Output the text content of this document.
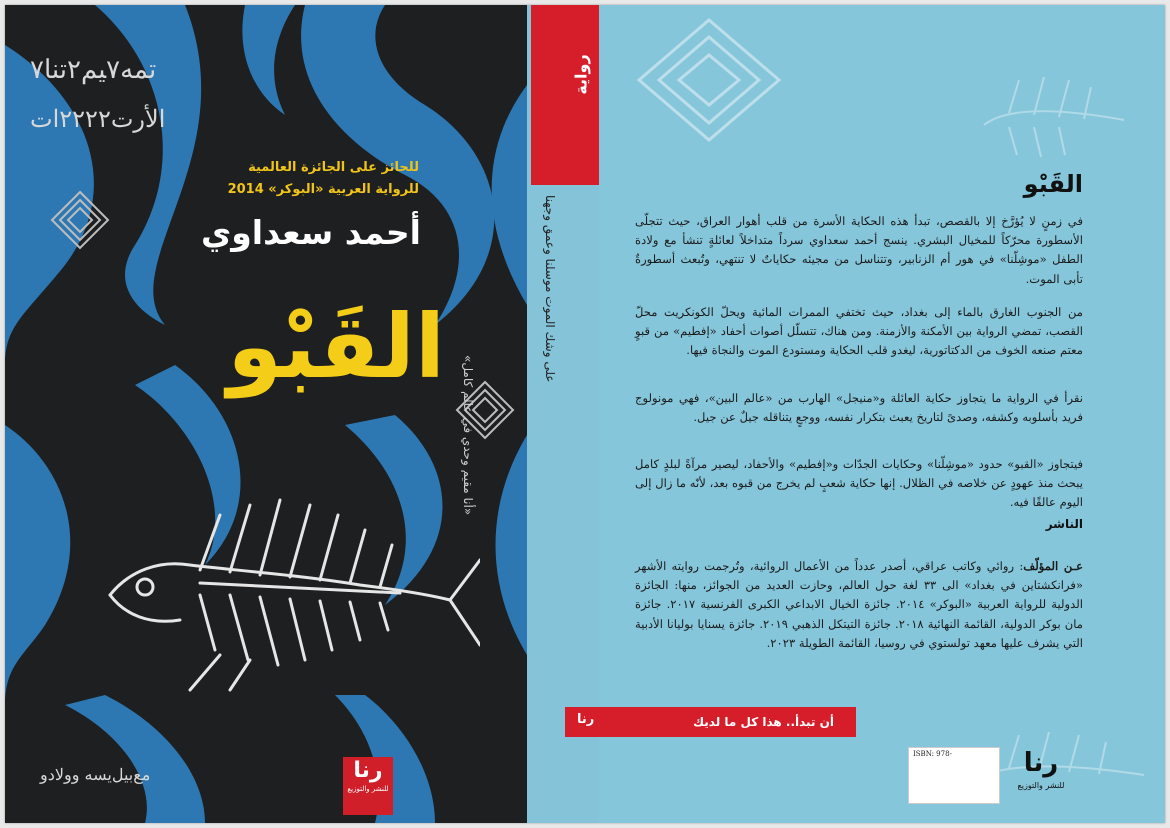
ﺗﻤﻪ٧ﻴﻢ٢ﺗﻨﺎ٧
ﺍﻷﺭﺕ٢٢٢٢ﺍﺕ
للحائز على الجائزة العالمية
للرواية العربية «البوكر» 2014
أحمد سعداوي
القَبْو
«أنا مقيم وحدي في عالم كامل»
ﻣﻊﺑﻴﻞﻳﺴﻪ ﻭﻭﻻﺩﻭ	ﺭﻧﺎ
للنشر والتوزيع
على وشك الموت موسلنا وعمق وجهنا
رواية
القَبْو
في زمنٍ لا يُؤرَّخ إلا بالقصص، تبدأ هذه الحكاية الأسرة من قلب أهوار العراق، حيث تتجلّى الأسطورة محرّكاً للمخيال البشري. ينسج أحمد سعداوي سرداً متداخلاً لعائلةٍ تنشأ مع ولادة الطفل «موشِلّنا» في هور أم الزنابير، وتتناسل من مجيئه حكاياتٌ لا تنتهي، وتُبعث أسطورةٌ تأبى الموت.
من الجنوب الغارق بالماء إلى بغداد، حيث تختفي الممرات المائية ويحلّ الكونكريت محلّ القصب، تمضي الرواية بين الأمكنة والأزمنة. ومن هناك، تتسلّل أصوات أحفاد «إفطيم» من قبوٍ معتم صنعه الخوف من الدكتاتورية، ليغدو قلب الحكاية ومستودع الموت والنجاة فيها.
نقرأ في الرواية ما يتجاوز حكاية العائلة و«منيجل» الهارب من «عالم البين»، فهي مونولوج فريد بأسلوبه وكشفه، وصدىً لتاريخ يعبث بتكرار نفسه، ووجعٍ يتناقله جيلٌ عن جيل.
فيتجاوز «القبو» حدود «موشِلّنا» وحكايات الجدّات و«إفطيم» والأحفاد، ليصير مرآةً لبلدٍ كامل يبحث منذ عهودٍ عن خلاصه في الظلال. إنها حكاية شعبٍ لم يخرج من قبوه بعد، لأنّه ما زال إلى اليوم عالقًا فيه.
الناشر
عـن المؤلّف: روائي وكاتب عراقي، أصدر عدداً من الأعمال الروائية، وتُرجمت روايته الأشهر «فرانكشتاين في بغداد» الى ٣٣ لغة حول العالم، وحازت العديد من الجوائز، منها: الجائزة الدولية للرواية العربية «البوكر» ٢٠١٤. جائزة الخيال الابداعي الكبرى الفرنسية ٢٠١٧. جائزة مان بوكر الدولية، القائمة النهائية ٢٠١٨. جائزة التيتكل الذهبي ٢٠١٩. جائزة يسنايا بوليانا الأدبية التي يشرف عليها معهد تولستوي في روسيا، القائمة الطويلة ٢٠٢٣.
أن تبدأ.. هذا كل ما لديك
ﺭﻧﺎ
ISBN: 978-	ﺭﻧﺎ
للنشر والتوزيع
